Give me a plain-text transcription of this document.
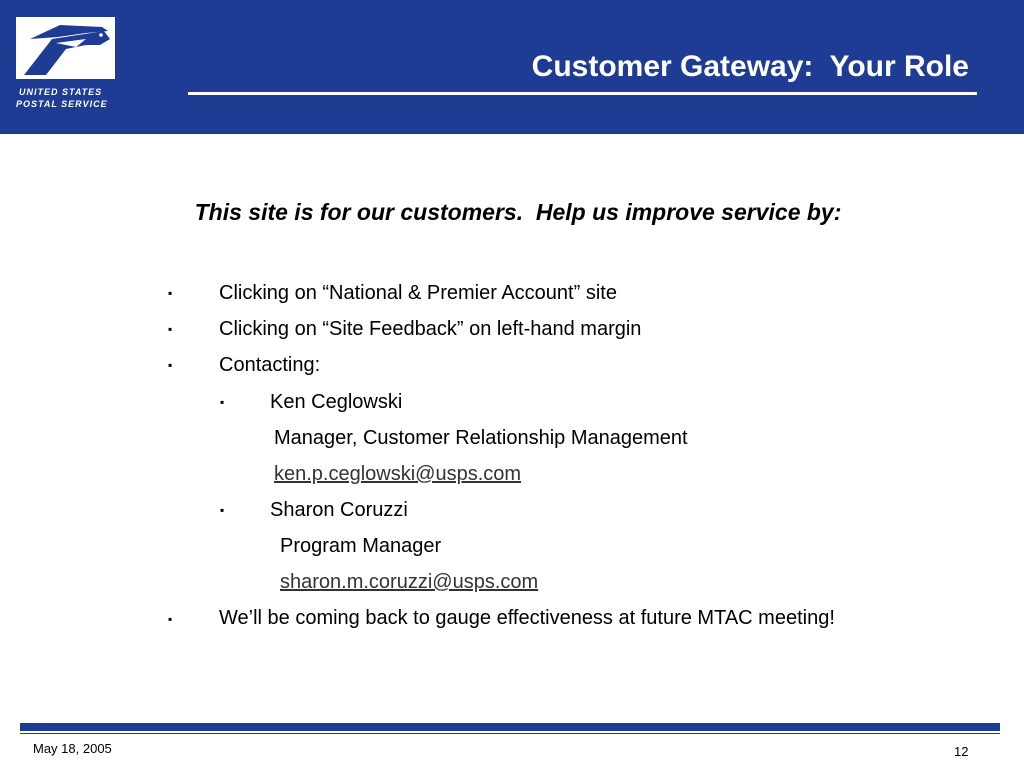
UNITED STATES
POSTAL SERVICE
Customer Gateway:  Your Role
This site is for our customers.  Help us improve service by:
▪ Clicking on “National & Premier Account” site
▪ Clicking on “Site Feedback” on left-hand margin
▪ Contacting:
▪ Ken Ceglowski
Manager, Customer Relationship Management
ken.p.ceglowski@usps.com
▪ Sharon Coruzzi
Program Manager
sharon.m.coruzzi@usps.com
▪ We’ll be coming back to gauge effectiveness at future MTAC meeting!
May 18, 2005	12
